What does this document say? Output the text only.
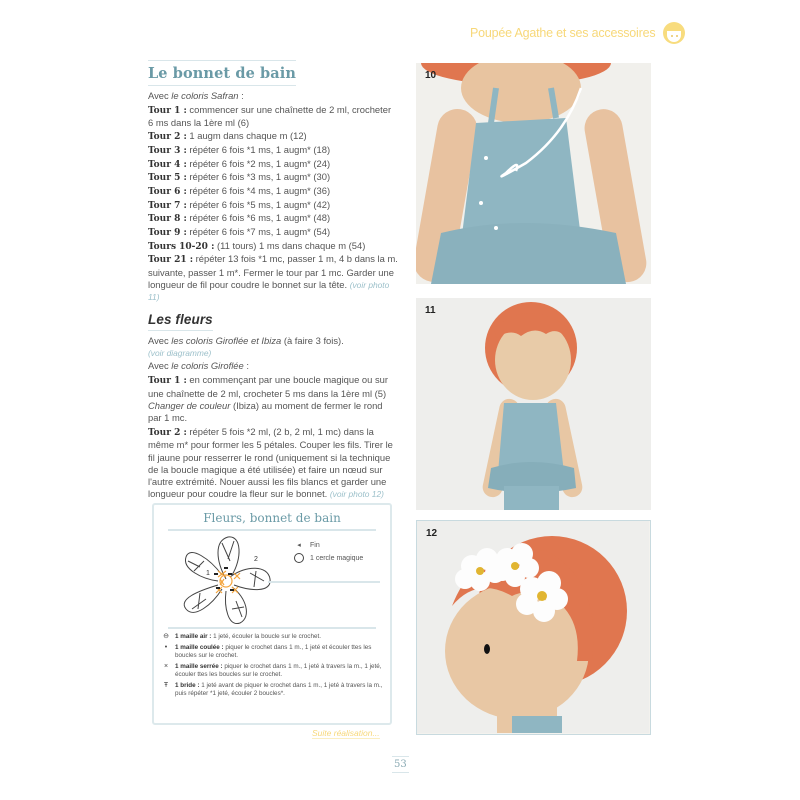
Poupée Agathe et ses accessoires
Le bonnet de bain

Avec le coloris Safran :

Tour 1 : commencer sur une chaînette de 2 ml, crocheter 6 ms dans la 1ère ml (6)

Tour 2 : 1 augm dans chaque m (12)

Tour 3 : répéter 6 fois *1 ms, 1 augm* (18)

Tour 4 : répéter 6 fois *2 ms, 1 augm* (24)

Tour 5 : répéter 6 fois *3 ms, 1 augm* (30)

Tour 6 : répéter 6 fois *4 ms, 1 augm* (36)

Tour 7 : répéter 6 fois *5 ms, 1 augm* (42)

Tour 8 : répéter 6 fois *6 ms, 1 augm* (48)

Tour 9 : répéter 6 fois *7 ms, 1 augm* (54)

Tours 10-20 : (11 tours) 1 ms dans chaque m (54)

Tour 21 : répéter 13 fois *1 mc, passer 1 m, 4 b dans la m. suivante, passer 1 m*. Fermer le tour par 1 mc. Garder une longueur de fil pour coudre le bonnet sur la tête. (voir photo 11)

Les fleurs

Avec les coloris Giroflée et Ibiza (à faire 3 fois).
(voir diagramme)

Avec le coloris Giroflée :

Tour 1 : en commençant par une boucle magique ou sur une chaînette de 2 ml, crocheter 5 ms dans la 1ère ml (5)
Changer de couleur (Ibiza) au moment de fermer le rond par 1 mc.

Tour 2 : répéter 5 fois *2 ml, (2 b, 2 ml, 1 mc) dans la même m* pour former les 5 pétales. Couper les fils. Tirer le fil jaune pour resserrer le rond (uniquement si la technique de la boucle magique a été utilisée) et faire un nœud sur l'autre extrémité. Nouer aussi les fils blancs et garder une longueur pour coudre la fleur sur le bonnet. (voir photo 12)

Fleurs, bonnet de bain
1
2
◂	Fin
1 cercle magique
⊖ 1 maille air : 1 jeté, écouler la boucle sur le crochet.
•	1 maille coulée : piquer le crochet dans 1 m., 1 jeté et écouler ttes les boucles sur le crochet.
×	1 maille serrée : piquer le crochet dans 1 m., 1 jeté à travers la m., 1 jeté, écouler ttes les boucles sur le crochet.
Ŧ 1 bride : 1 jeté avant de piquer le crochet dans 1 m., 1 jeté à travers la m., puis répéter *1 jeté, écouler 2 boucles*.
Suite réalisation...
53
10
11
12
